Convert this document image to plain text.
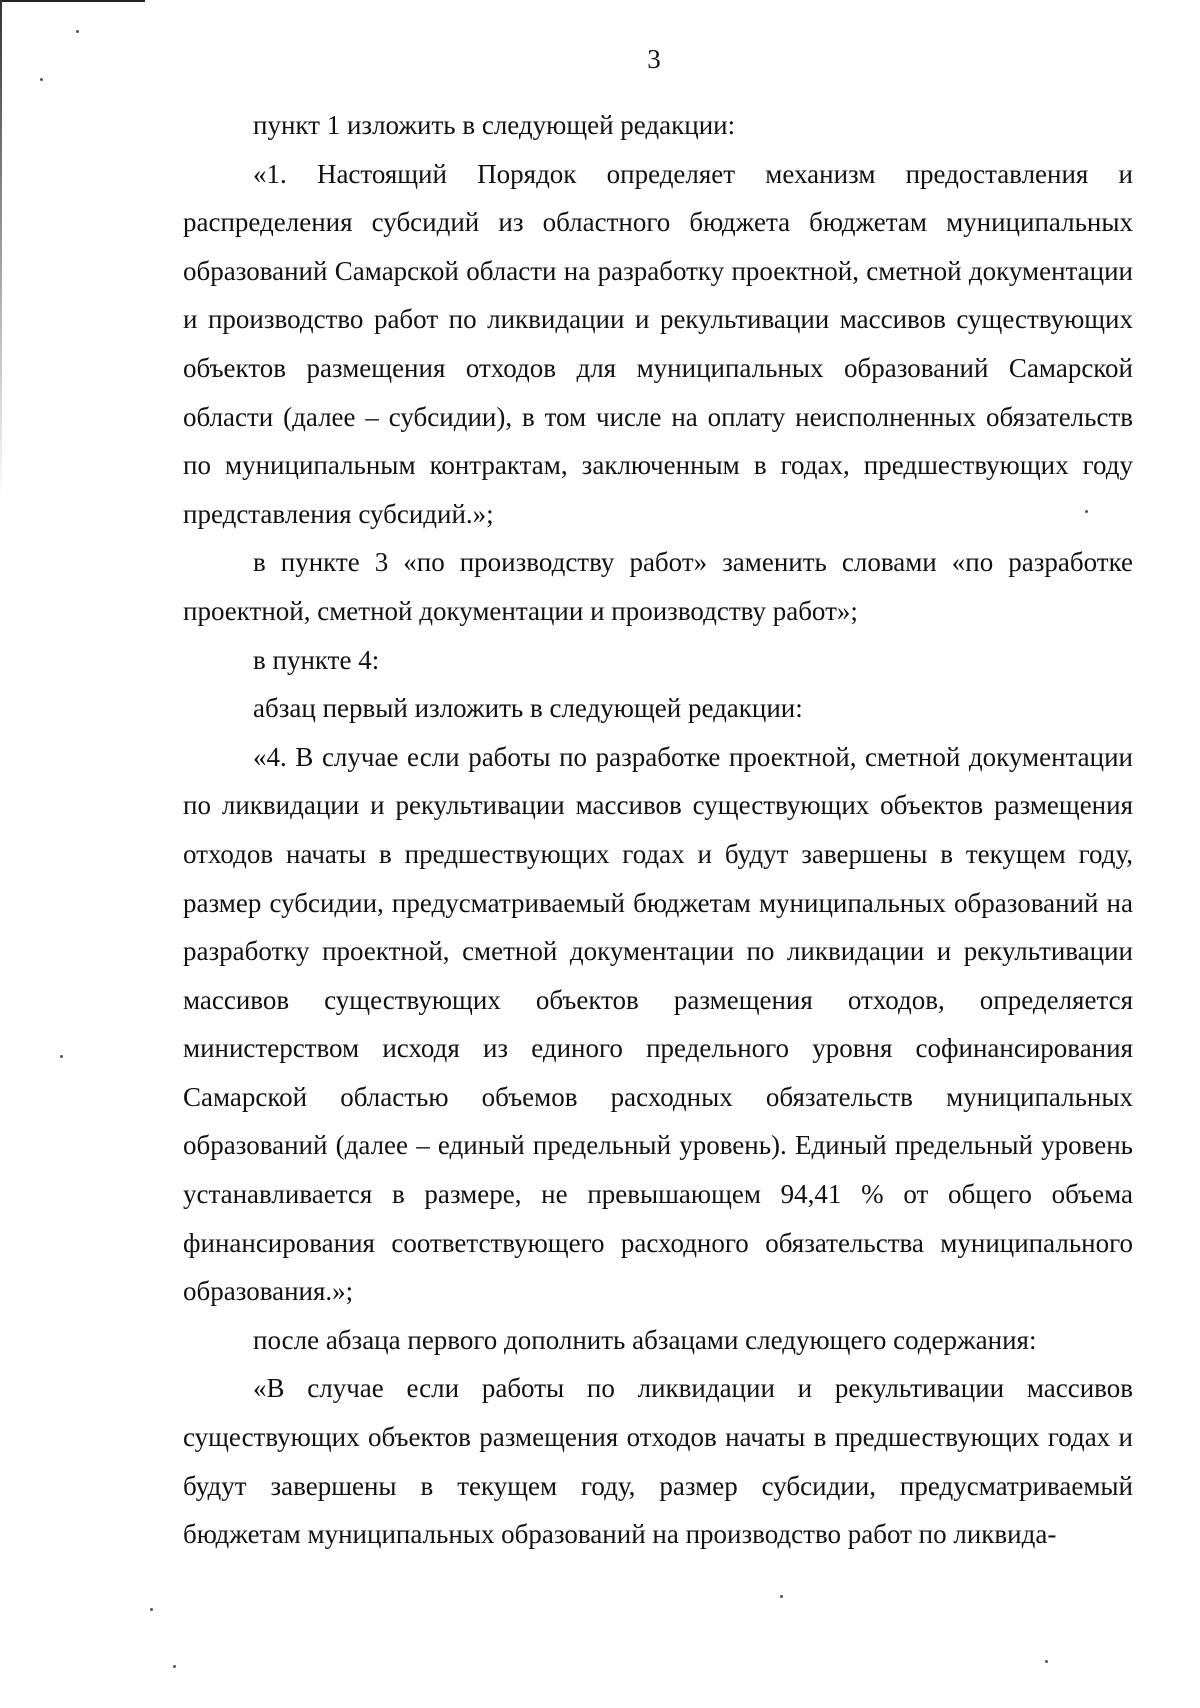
3

пункт 1 изложить в следующей редакции:

«1. Настоящий Порядок определяет механизм предоставления и распределения субсидий из областного бюджета бюджетам муниципальных образований Самарской области на разработку проектной, сметной документации и производство работ по ликвидации и рекультивации массивов существующих объектов размещения отходов для муниципальных образований Самарской области (далее – субсидии), в том числе на оплату неисполненных обязательств по муниципальным контрактам, заключенным в годах, предшествующих году представления субсидий.»;

в пункте 3 «по производству работ» заменить словами «по разработке проектной, сметной документации и производству работ»;

в пункте 4:

абзац первый изложить в следующей редакции:

«4. В случае если работы по разработке проектной, сметной документации по ликвидации и рекультивации массивов существующих объектов размещения отходов начаты в предшествующих годах и будут завершены в текущем году, размер субсидии, предусматриваемый бюджетам муниципальных образований на разработку проектной, сметной документации по ликвидации и рекультивации массивов существующих объектов размещения отходов, определяется министерством исходя из единого предельного уровня софинансирования Самарской областью объемов расходных обязательств муниципальных образований (далее – единый предельный уровень). Единый предельный уровень устанавливается в размере, не превышающем 94,41 % от общего объема финансирования соответствующего расходного обязательства муниципального образования.»;

после абзаца первого дополнить абзацами следующего содержания:

«В случае если работы по ликвидации и рекультивации массивов существующих объектов размещения отходов начаты в предшествующих годах и будут завершены в текущем году, размер субсидии, предусматриваемый бюджетам муниципальных образований на производство работ по ликвида-
